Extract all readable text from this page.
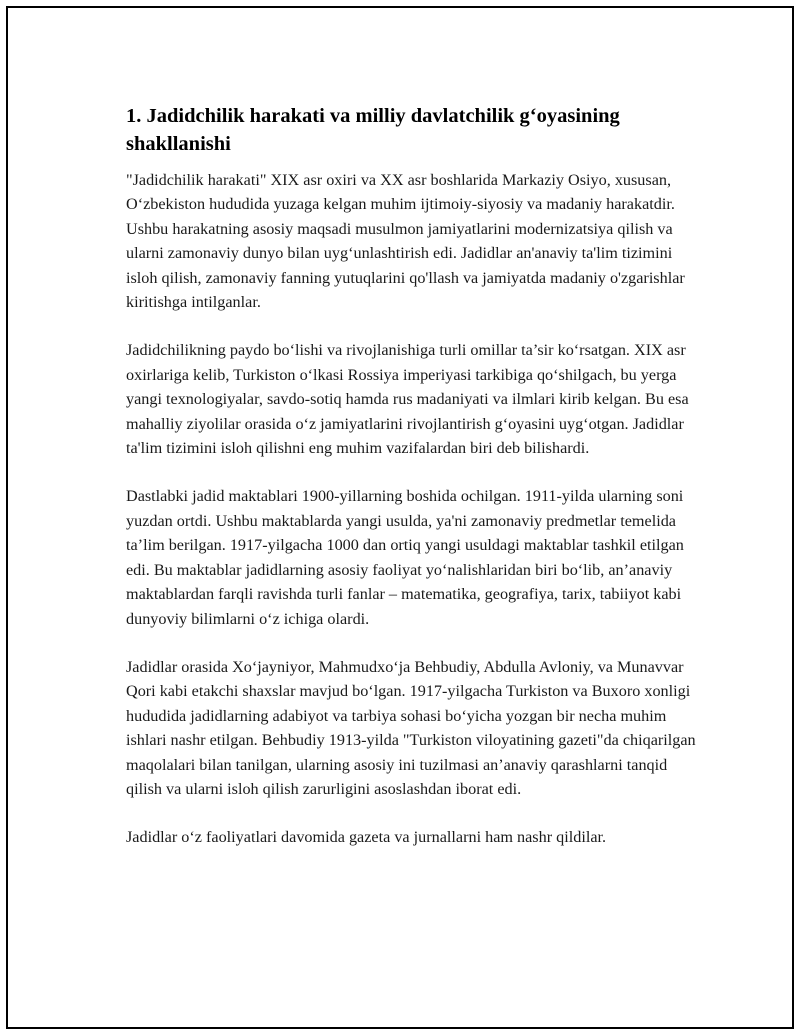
1. Jadidchilik harakati va milliy davlatchilik g‘oyasining shakllanishi

"Jadidchilik harakati" XIX asr oxiri va XX asr boshlarida Markaziy Osiyo, xususan, O‘zbekiston hududida yuzaga kelgan muhim ijtimoiy-siyosiy va madaniy harakatdir. Ushbu harakatning asosiy maqsadi musulmon jamiyatlarini modernizatsiya qilish va ularni zamonaviy dunyo bilan uyg‘unlashtirish edi. Jadidlar an'anaviy ta'lim tizimini isloh qilish, zamonaviy fanning yutuqlarini qo'llash va jamiyatda madaniy o'zgarishlar kiritishga intilganlar.

Jadidchilikning paydo bo‘lishi va rivojlanishiga turli omillar ta’sir ko‘rsatgan. XIX asr oxirlariga kelib, Turkiston o‘lkasi Rossiya imperiyasi tarkibiga qo‘shilgach, bu yerga yangi texnologiyalar, savdo-sotiq hamda rus madaniyati va ilmlari kirib kelgan. Bu esa mahalliy ziyolilar orasida o‘z jamiyatlarini rivojlantirish g‘oyasini uyg‘otgan. Jadidlar ta'lim tizimini isloh qilishni eng muhim vazifalardan biri deb bilishardi.

Dastlabki jadid maktablari 1900-yillarning boshida ochilgan. 1911-yilda ularning soni yuzdan ortdi. Ushbu maktablarda yangi usulda, ya'ni zamonaviy predmetlar temelida ta’lim berilgan. 1917-yilgacha 1000 dan ortiq yangi usuldagi maktablar tashkil etilgan edi. Bu maktablar jadidlarning asosiy faoliyat yo‘nalishlaridan biri bo‘lib, an’anaviy maktablardan farqli ravishda turli fanlar – matematika, geografiya, tarix, tabiiyot kabi dunyoviy bilimlarni o‘z ichiga olardi.

Jadidlar orasida Xo‘jayniyor, Mahmudxo‘ja Behbudiy, Abdulla Avloniy, va Munavvar Qori kabi etakchi shaxslar mavjud bo‘lgan. 1917-yilgacha Turkiston va Buxoro xonligi hududida jadidlarning adabiyot va tarbiya sohasi bo‘yicha yozgan bir necha muhim ishlari nashr etilgan. Behbudiy 1913-yilda "Turkiston viloyatining gazeti"da chiqarilgan maqolalari bilan tanilgan, ularning asosiy ini tuzilmasi an’anaviy qarashlarni tanqid qilish va ularni isloh qilish zarurligini asoslashdan iborat edi.

Jadidlar o‘z faoliyatlari davomida gazeta va jurnallarni ham nashr qildilar.
